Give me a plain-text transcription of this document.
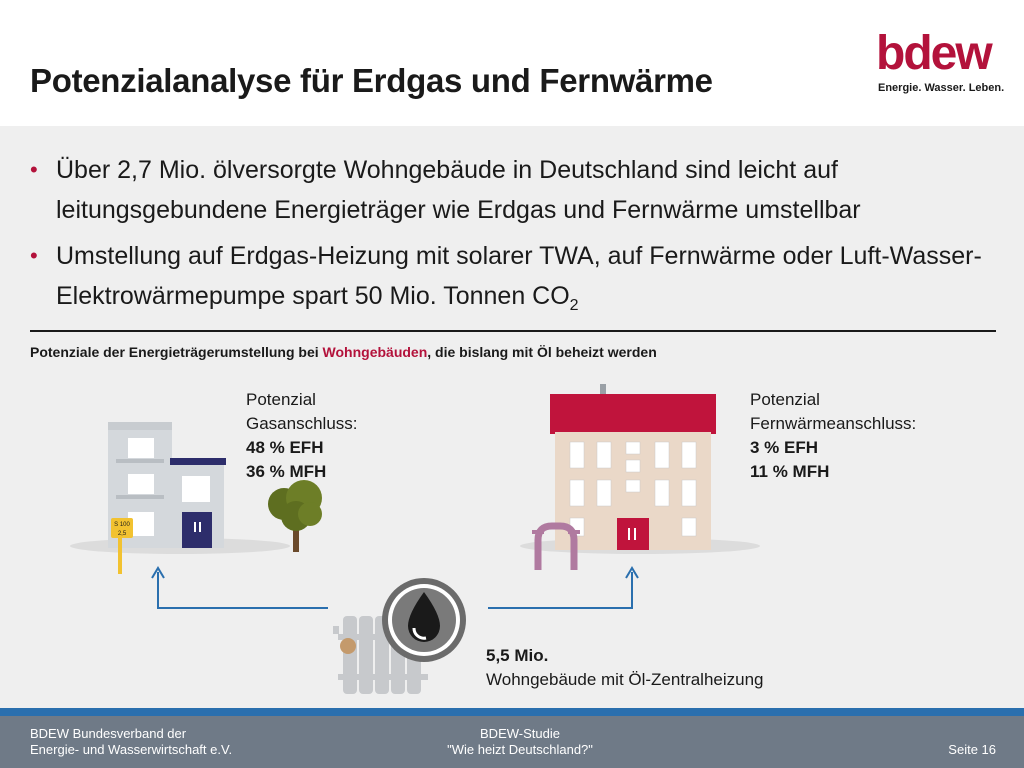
Potenzialanalyse für Erdgas und Fernwärme
bdew
Energie. Wasser. Leben.
• Über 2,7 Mio. ölversorgte Wohngebäude in Deutschland sind leicht auf leitungsgebundene Energieträger wie Erdgas und Fernwärme umstellbar
• Umstellung auf Erdgas-Heizung mit solarer TWA, auf Fernwärme oder Luft-Wasser-Elektrowärmepumpe spart 50 Mio. Tonnen $CO_2$
Potenziale der Energieträgerumstellung bei Wohngebäuden, die bislang mit Öl beheizt werden
S 100
2,5
Potenzial
Gasanschluss:
48 % EFH
36 % MFH
Potenzial
Fernwärmeanschluss:
3 % EFH
11 % MFH
5,5 Mio.
Wohngebäude mit Öl-Zentralheizung
BDEW Bundesverband der
Energie- und Wasserwirtschaft e.V.
BDEW-Studie
"Wie heizt Deutschland?"	Seite 16
